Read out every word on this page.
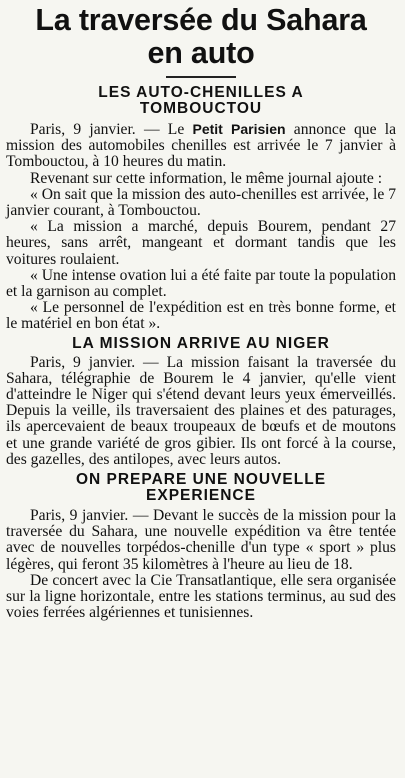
La traversée du Sahara
en auto
LES AUTO-CHENILLES A
TOMBOUCTOU

Paris, 9 janvier. — Le Petit Parisien annonce que la mission des automobiles chenilles est arrivée le 7 janvier à Tombouctou, à 10 heures du matin.

Revenant sur cette information, le même journal ajoute :

« On sait que la mission des auto-chenilles est arrivée, le 7 janvier courant, à Tombouctou.

« La mission a marché, depuis Bourem, pendant 27 heures, sans arrêt, mangeant et dormant tandis que les voitures roulaient.

« Une intense ovation lui a été faite par toute la population et la garnison au complet.

« Le personnel de l'expédition est en très bonne forme, et le matériel en bon état ».

LA MISSION ARRIVE AU NIGER

Paris, 9 janvier. — La mission faisant la traversée du Sahara, télégraphie de Bourem le 4 janvier, qu'elle vient d'atteindre le Niger qui s'étend devant leurs yeux émerveillés. Depuis la veille, ils traversaient des plaines et des paturages, ils apercevaient de beaux troupeaux de bœufs et de moutons et une grande variété de gros gibier. Ils ont forcé à la course, des gazelles, des antilopes, avec leurs autos.

ON PREPARE UNE NOUVELLE
EXPERIENCE

Paris, 9 janvier. — Devant le succès de la mission pour la traversée du Sahara, une nouvelle expédition va être tentée avec de nouvelles torpédos-chenille d'un type « sport » plus légères, qui feront 35 kilomètres à l'heure au lieu de 18.

De concert avec la Cie Transatlantique, elle sera organisée sur la ligne horizontale, entre les stations terminus, au sud des voies ferrées algériennes et tunisiennes.
